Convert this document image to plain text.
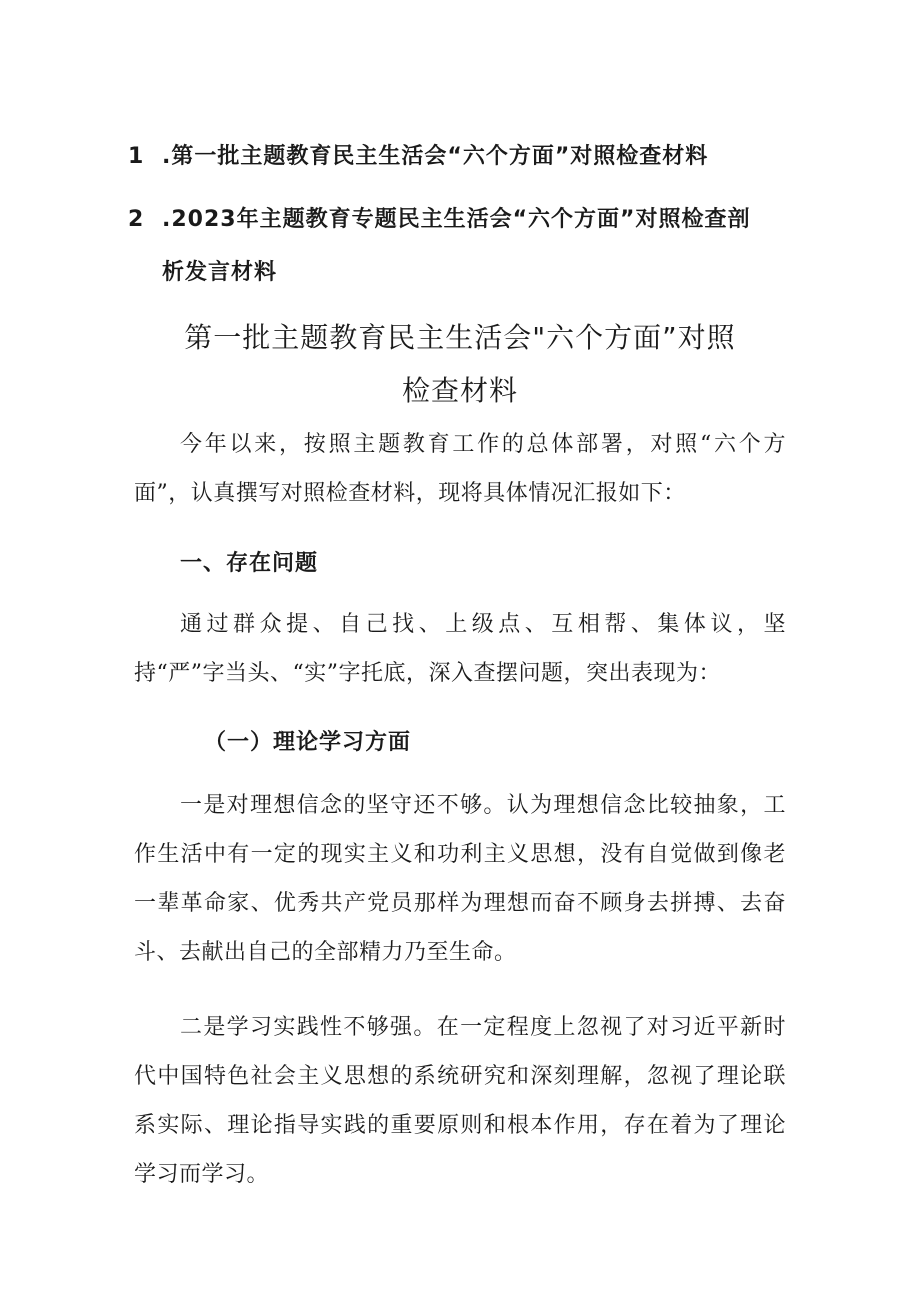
1 .第一批主题教育民主生活会“六个方面”对照检查材料
2 .2023年主题教育专题民主生活会“六个方面”对照检查剖
析发言材料
第一批主题教育民主生活会"六个方面”对照
检查材料

今年以来，按照主题教育工作的总体部署，对照“六个方面”，认真撰写对照检查材料，现将具体情况汇报如下：

一、存在问题

通过群众提、自己找、上级点、互相帮、集体议，坚持“严”字当头、“实”字托底，深入查摆问题，突出表现为：

（一）理论学习方面

一是对理想信念的坚守还不够。认为理想信念比较抽象，工作生活中有一定的现实主义和功利主义思想，没有自觉做到像老一辈革命家、优秀共产党员那样为理想而奋不顾身去拼搏、去奋斗、去献出自己的全部精力乃至生命。

二是学习实践性不够强。在一定程度上忽视了对习近平新时代中国特色社会主义思想的系统研究和深刻理解，忽视了理论联系实际、理论指导实践的重要原则和根本作用，存在着为了理论学习而学习。
